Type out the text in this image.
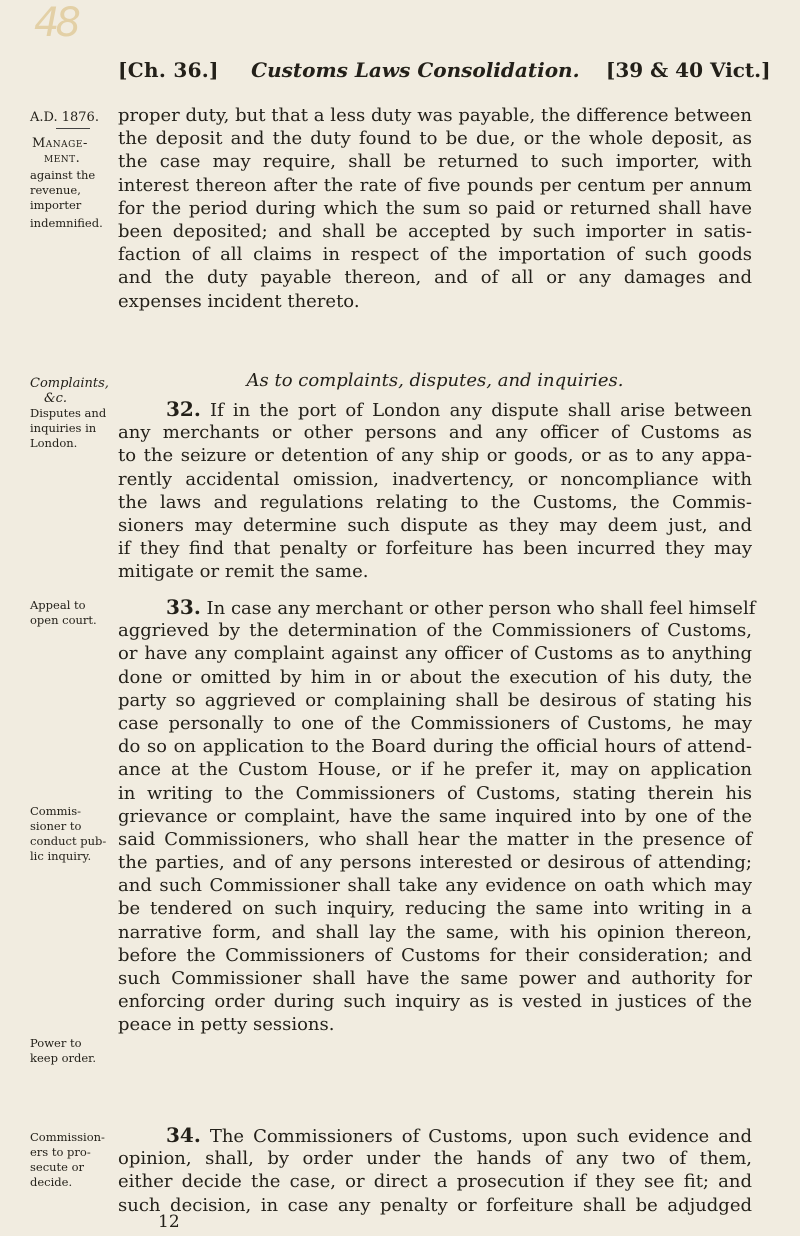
48
[Ch. 36.] Customs Laws Consolidation. [39 & 40 Vict.]
A.D. 1876.
Manage-
ment.
against the
revenue,
importer
indemnified.
Complaints,
&c.
Disputes and
inquiries in
London.
Appeal to
open court.
Commis-
sioner to
conduct pub-
lic inquiry.
Power to
keep order.
Commission-
ers to pro-
secute or
decide.
proper duty, but that a less duty was payable, the difference between
the deposit and the duty found to be due, or the whole deposit, as
the case may require, shall be returned to such importer, with
interest thereon after the rate of five pounds per centum per annum
for the period during which the sum so paid or returned shall have
been deposited; and shall be accepted by such importer in satis-
faction of all claims in respect of the importation of such goods
and the duty payable thereon, and of all or any damages and
expenses incident thereto.
As to complaints, disputes, and inquiries.
32. If in the port of London any dispute shall arise between
any merchants or other persons and any officer of Customs as
to the seizure or detention of any ship or goods, or as to any appa-
rently accidental omission, inadvertency, or noncompliance with
the laws and regulations relating to the Customs, the Commis-
sioners may determine such dispute as they may deem just, and
if they find that penalty or forfeiture has been incurred they may
mitigate or remit the same.
33. In case any merchant or other person who shall feel himself
aggrieved by the determination of the Commissioners of Customs,
or have any complaint against any officer of Customs as to anything
done or omitted by him in or about the execution of his duty, the
party so aggrieved or complaining shall be desirous of stating his
case personally to one of the Commissioners of Customs, he may
do so on application to the Board during the official hours of attend-
ance at the Custom House, or if he prefer it, may on application
in writing to the Commissioners of Customs, stating therein his
grievance or complaint, have the same inquired into by one of the
said Commissioners, who shall hear the matter in the presence of
the parties, and of any persons interested or desirous of attending;
and such Commissioner shall take any evidence on oath which may
be tendered on such inquiry, reducing the same into writing in a
narrative form, and shall lay the same, with his opinion thereon,
before the Commissioners of Customs for their consideration; and
such Commissioner shall have the same power and authority for
enforcing order during such inquiry as is vested in justices of the
peace in petty sessions.
34. The Commissioners of Customs, upon such evidence and
opinion, shall, by order under the hands of any two of them,
either decide the case, or direct a prosecution if they see fit; and
such decision, in case any penalty or forfeiture shall be adjudged
12
